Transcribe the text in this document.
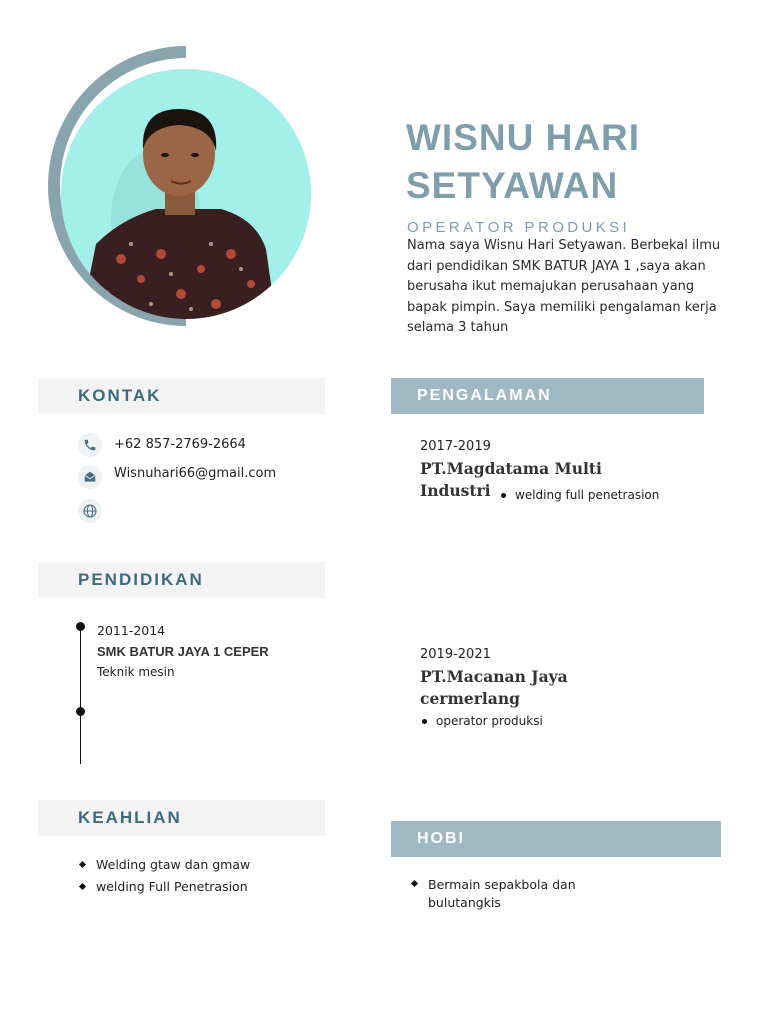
WISNU HARI
SETYAWAN
OPERATOR PRODUKSI
Nama saya Wisnu Hari Setyawan. Berbekal ilmu dari pendidikan SMK BATUR JAYA 1 ,saya akan berusaha ikut memajukan perusahaan yang bapak pimpin. Saya memiliki pengalaman kerja selama 3 tahun
KONTAK
+62 857-2769-2664
Wisnuhari66@gmail.com
PENDIDIKAN
2011-2014
SMK BATUR JAYA 1 CEPER
Teknik mesin
KEAHLIAN
Welding gtaw dan gmaw
welding Full Penetrasion
PENGALAMAN
2017-2019
PT.Magdatama Multi
Industri	welding full penetrasion
2019-2021
PT.Macanan Jaya
cermerlang
operator produksi
HOBI
Bermain sepakbola dan bulutangkis
